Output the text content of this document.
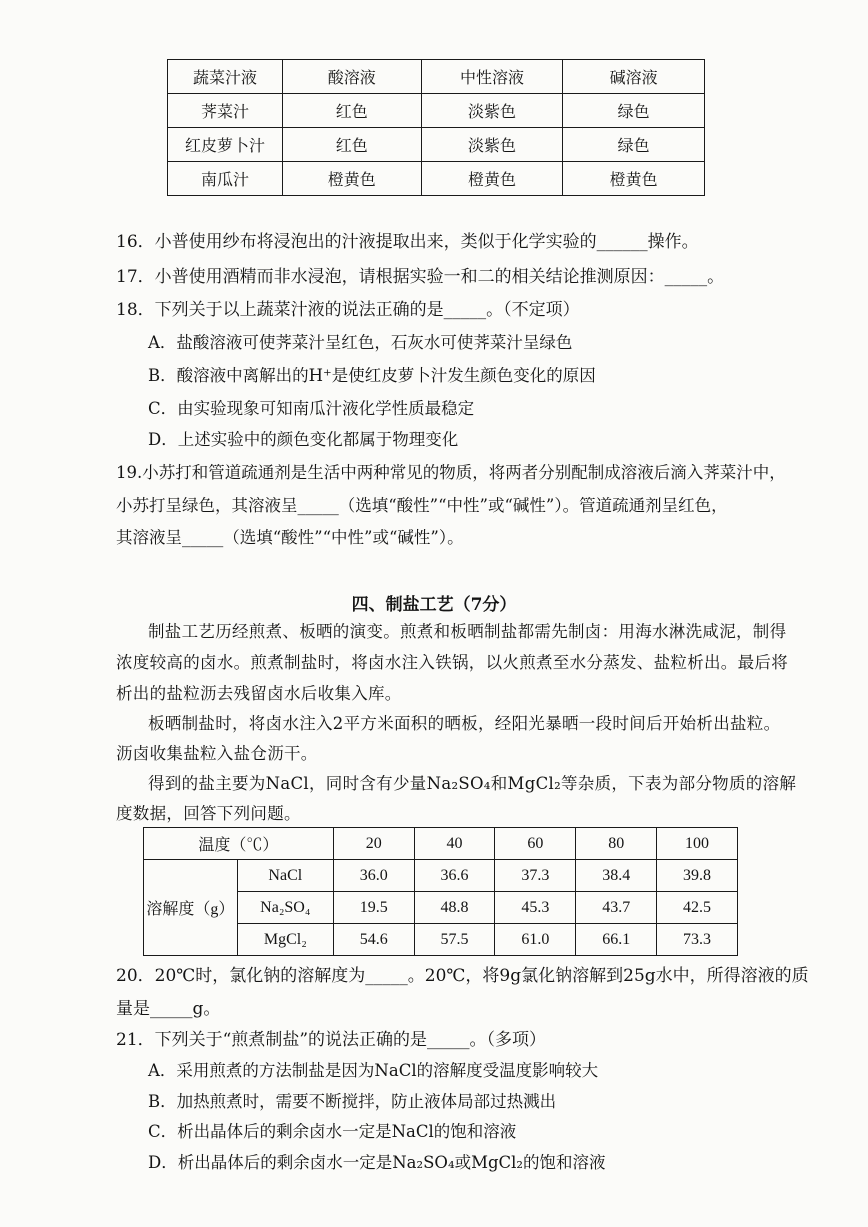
蔬菜汁液	酸溶液	中性溶液	碱溶液
荠菜汁	红色	淡紫色	绿色
红皮萝卜汁	红色	淡紫色	绿色
南瓜汁	橙黄色	橙黄色	橙黄色
16．小普使用纱布将浸泡出的汁液提取出来，类似于化学实验的______操作。
17．小普使用酒精而非水浸泡，请根据实验一和二的相关结论推测原因：_____。
18．下列关于以上蔬菜汁液的说法正确的是_____。（不定项）
A．盐酸溶液可使荠菜汁呈红色，石灰水可使荠菜汁呈绿色
B．酸溶液中离解出的H⁺是使红皮萝卜汁发生颜色变化的原因
C．由实验现象可知南瓜汁液化学性质最稳定
D．上述实验中的颜色变化都属于物理变化
19.小苏打和管道疏通剂是生活中两种常见的物质，将两者分别配制成溶液后滴入荠菜汁中，
小苏打呈绿色，其溶液呈_____（选填“酸性”“中性”或“碱性”）。管道疏通剂呈红色，
其溶液呈_____（选填“酸性”“中性”或“碱性”）。
四、制盐工艺（7分）
制盐工艺历经煎煮、板晒的演变。煎煮和板晒制盐都需先制卤：用海水淋洗咸泥，制得
浓度较高的卤水。煎煮制盐时，将卤水注入铁锅，以火煎煮至水分蒸发、盐粒析出。最后将
析出的盐粒沥去残留卤水后收集入库。
板晒制盐时，将卤水注入2平方米面积的晒板，经阳光暴晒一段时间后开始析出盐粒。
沥卤收集盐粒入盐仓沥干。
得到的盐主要为NaCl，同时含有少量Na₂SO₄和MgCl₂等杂质，下表为部分物质的溶解
度数据，回答下列问题。
温度（℃）		20	40	60	80	100
溶解度（g）	NaCl	36.0	36.6	37.3	38.4	39.8
	Na₂SO₄	19.5	48.8	45.3	43.7	42.5
	MgCl₂	54.6	57.5	61.0	66.1	73.3
20．20℃时，氯化钠的溶解度为_____。20℃，将9g氯化钠溶解到25g水中，所得溶液的质
量是_____g。
21．下列关于“煎煮制盐”的说法正确的是_____。（多项）
A．采用煎煮的方法制盐是因为NaCl的溶解度受温度影响较大
B．加热煎煮时，需要不断搅拌，防止液体局部过热溅出
C．析出晶体后的剩余卤水一定是NaCl的饱和溶液
D．析出晶体后的剩余卤水一定是Na₂SO₄或MgCl₂的饱和溶液
